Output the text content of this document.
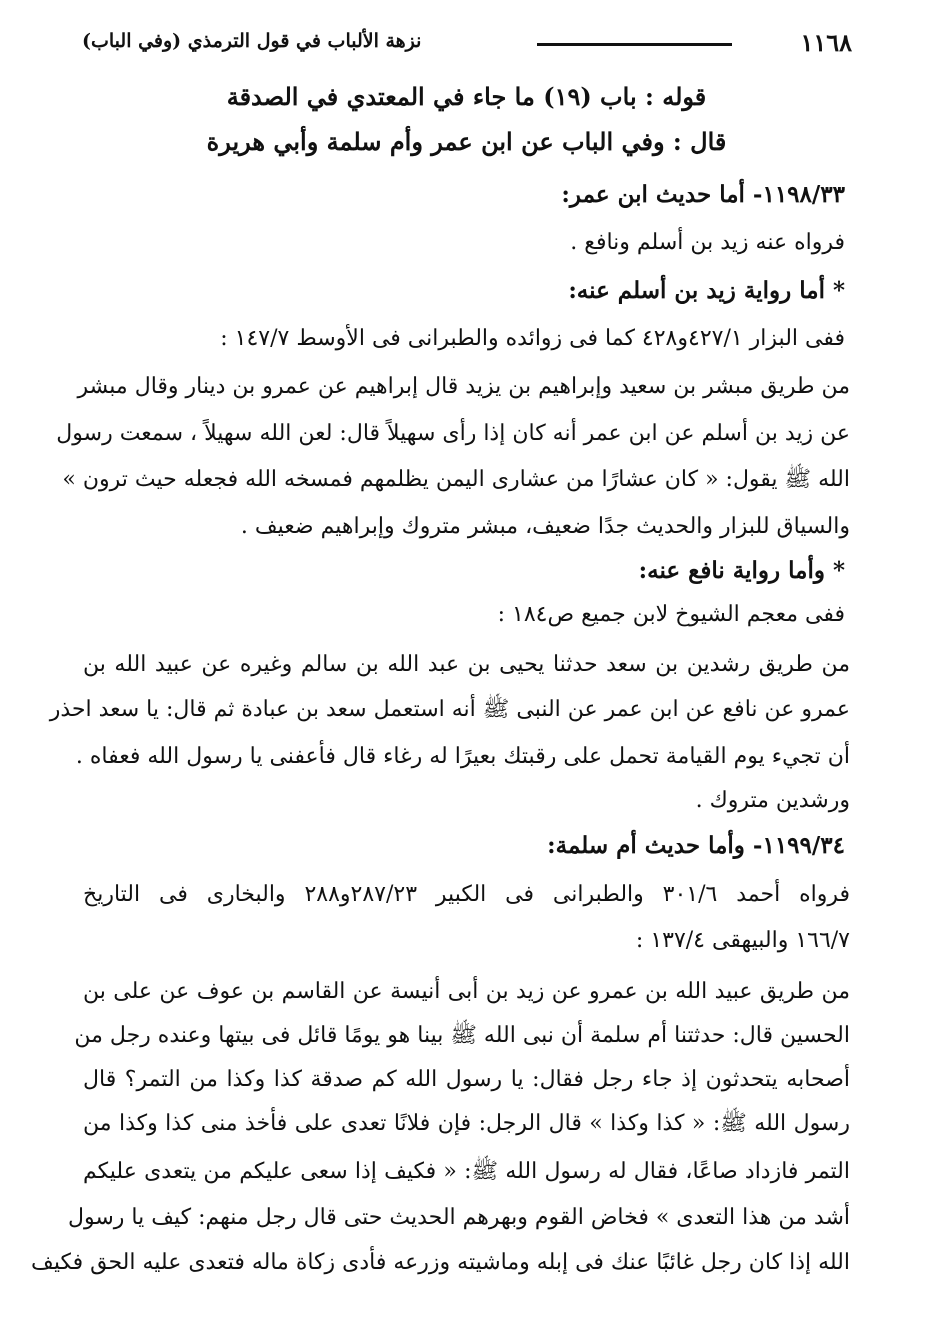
١١٦٨
نزهة الألباب في قول الترمذي (وفي الباب)
قوله : باب (١٩) ما جاء في المعتدي في الصدقة
قال : وفي الباب عن ابن عمر وأم سلمة وأبي هريرة
١١٩٨/٣٣- أما حديث ابن عمر:
فرواه عنه زيد بن أسلم ونافع .
* أما رواية زيد بن أسلم عنه:
ففى البزار ٤٢٧/١و٤٢٨ كما فى زوائده والطبرانى فى الأوسط ١٤٧/٧ :
من طريق مبشر بن سعيد وإبراهيم بن يزيد قال إبراهيم عن عمرو بن دينار وقال مبشر
عن زيد بن أسلم عن ابن عمر أنه كان إذا رأى سهيلاً قال: لعن الله سهيلاً ، سمعت رسول
الله ﷺ يقول: « كان عشارًا من عشارى اليمن يظلمهم فمسخه الله فجعله حيث ترون »
والسياق للبزار والحديث جدًا ضعيف، مبشر متروك وإبراهيم ضعيف .
* وأما رواية نافع عنه:
ففى معجم الشيوخ لابن جميع ص١٨٤ :
من طريق رشدين بن سعد حدثنا يحيى بن عبد الله بن سالم وغيره عن عبيد الله بن
عمرو عن نافع عن ابن عمر عن النبى ﷺ أنه استعمل سعد بن عبادة ثم قال: يا سعد احذر
أن تجيء يوم القيامة تحمل على رقبتك بعيرًا له رغاء قال فأعفنى يا رسول الله فعفاه .
ورشدين متروك .
١١٩٩/٣٤- وأما حديث أم سلمة:
فرواه أحمد ٣٠١/٦ والطبرانى فى الكبير ٢٨٧/٢٣و٢٨٨ والبخارى فى التاريخ
١٦٦/٧ والبيهقى ١٣٧/٤ :
من طريق عبيد الله بن عمرو عن زيد بن أبى أنيسة عن القاسم بن عوف عن على بن
الحسين قال: حدثتنا أم سلمة أن نبى الله ﷺ بينا هو يومًا قائل فى بيتها وعنده رجل من
أصحابه يتحدثون إذ جاء رجل فقال: يا رسول الله كم صدقة كذا وكذا من التمر؟ قال
رسول الله ﷺ: « كذا وكذا » قال الرجل: فإن فلانًا تعدى على فأخذ منى كذا وكذا من
التمر فازداد صاعًا، فقال له رسول الله ﷺ: « فكيف إذا سعى عليكم من يتعدى عليكم
أشد من هذا التعدى » فخاض القوم وبهرهم الحديث حتى قال رجل منهم: كيف يا رسول
الله إذا كان رجل غائبًا عنك فى إبله وماشيته وزرعه فأدى زكاة ماله فتعدى عليه الحق فكيف
